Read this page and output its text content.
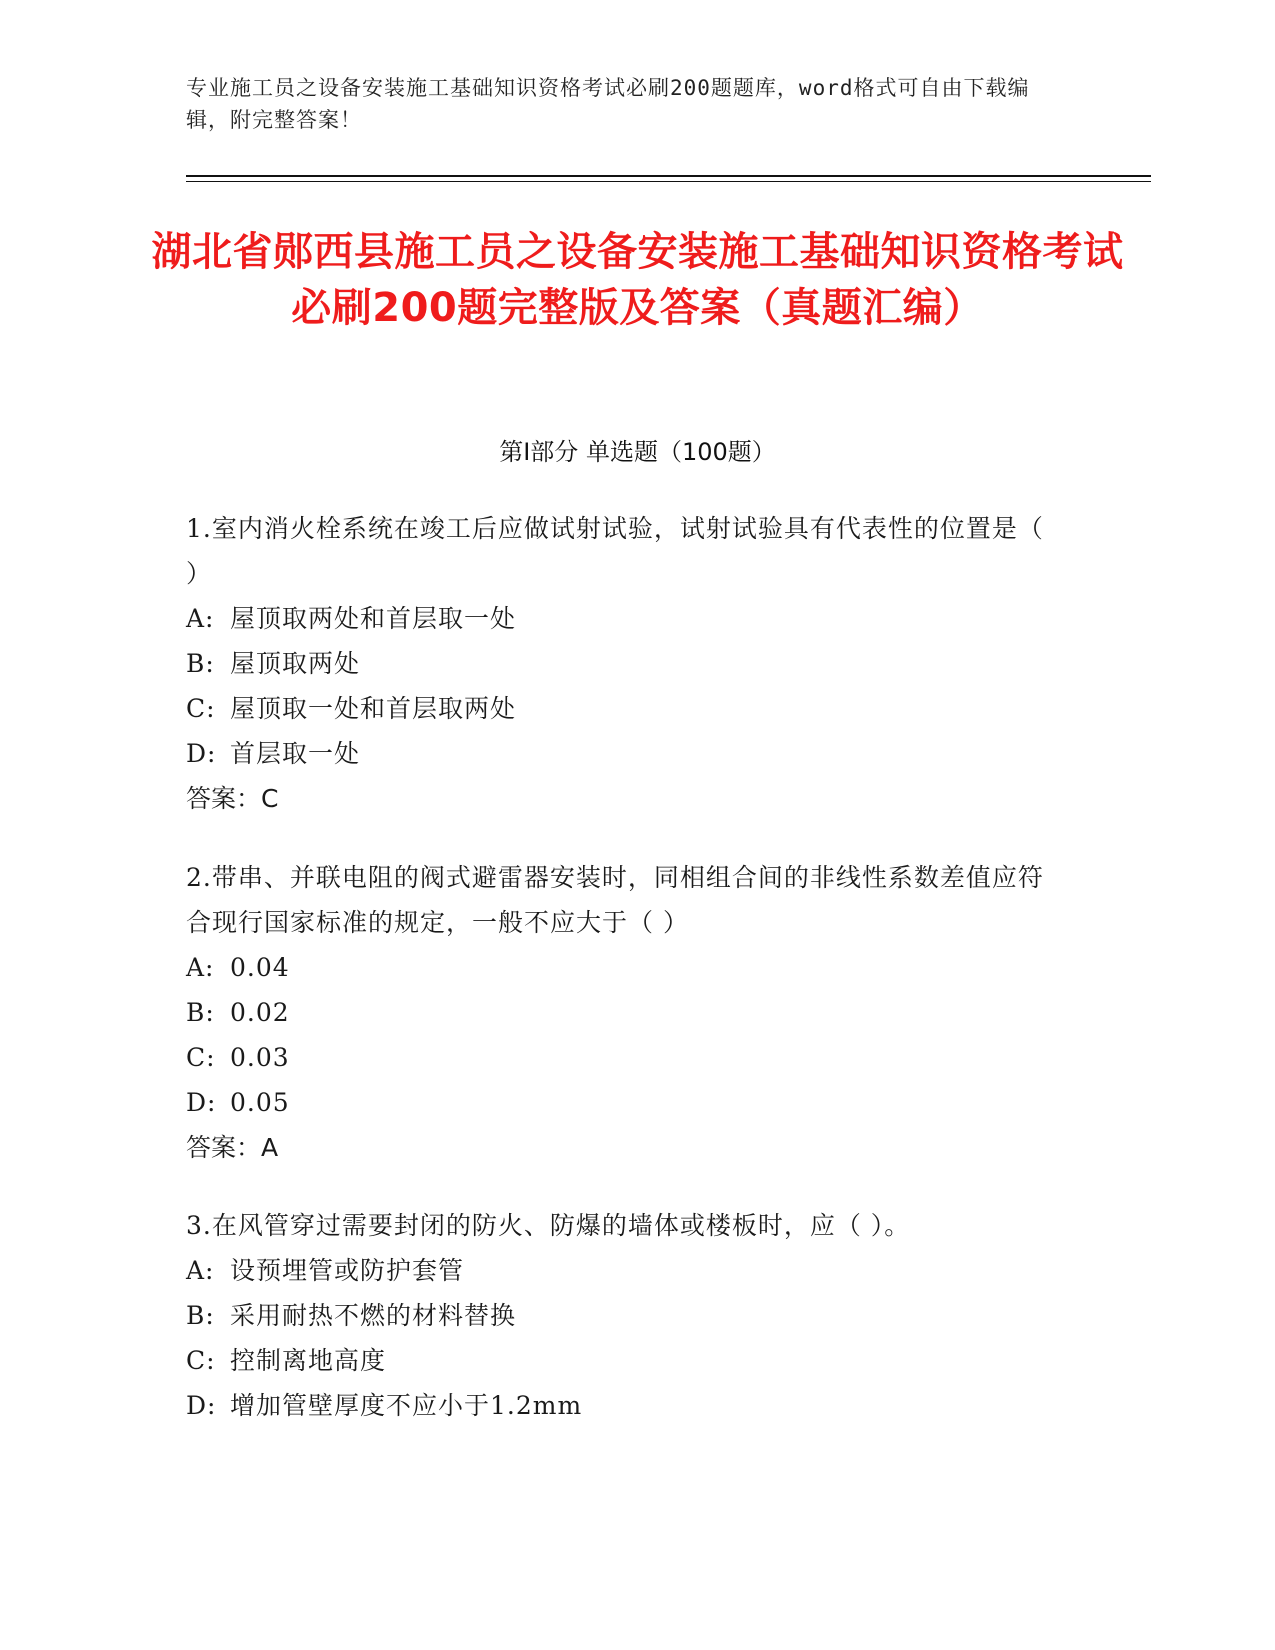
专业施工员之设备安装施工基础知识资格考试必刷200题题库，word格式可自由下载编辑，附完整答案！
湖北省郧西县施工员之设备安装施工基础知识资格考试必刷200题完整版及答案（真题汇编）
第Ⅰ部分 单选题（100题）
1.室内消火栓系统在竣工后应做试射试验，试射试验具有代表性的位置是（ ）
A: 屋顶取两处和首层取一处
B: 屋顶取两处
C: 屋顶取一处和首层取两处
D: 首层取一处
答案：C
2.带串、并联电阻的阀式避雷器安装时，同相组合间的非线性系数差值应符合现行国家标准的规定，一般不应大于（ ）
A: 0.04
B: 0.02
C: 0.03
D: 0.05
答案：A
3.在风管穿过需要封闭的防火、防爆的墙体或楼板时，应（ ）。
A: 设预埋管或防护套管
B: 采用耐热不燃的材料替换
C: 控制离地高度
D: 增加管壁厚度不应小于1.2mm
